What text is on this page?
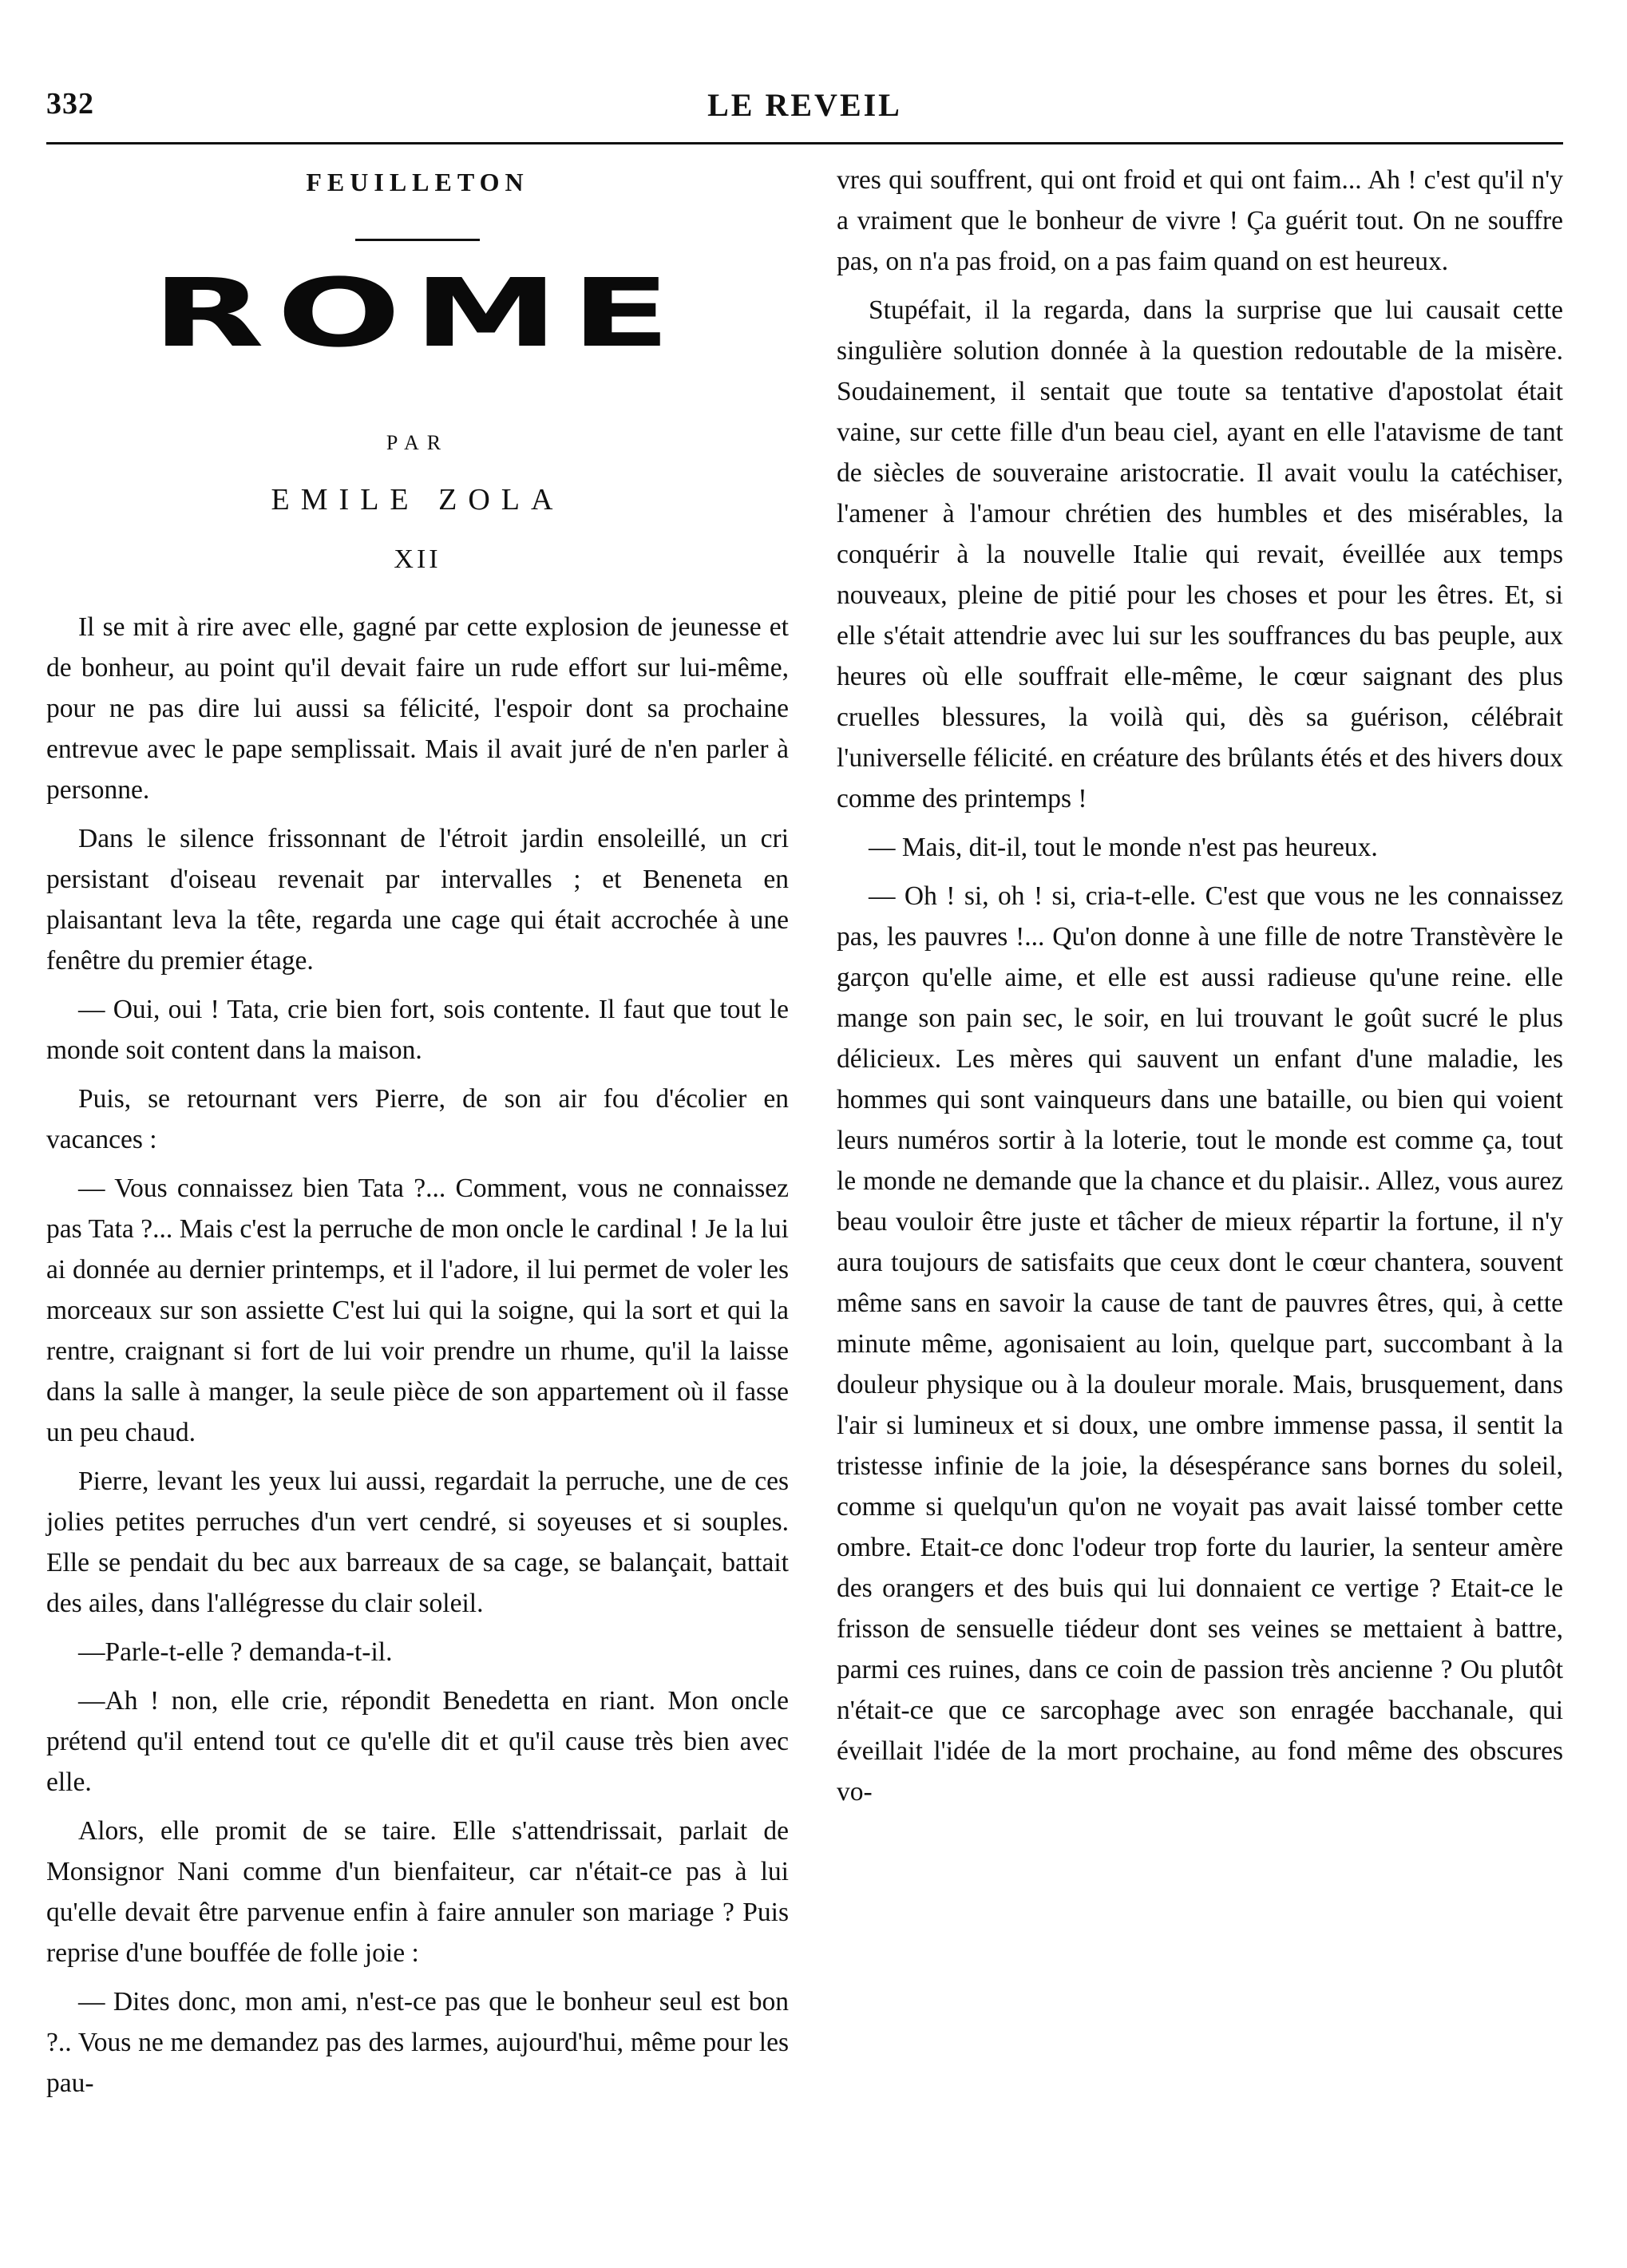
332	LE REVEIL
FEUILLETON
ROME
PAR
EMILE ZOLA
XII

Il se mit à rire avec elle, gagné par cette explosion de jeunesse et de bonheur, au point qu'il devait faire un rude effort sur lui-même, pour ne pas dire lui aussi sa félicité, l'espoir dont sa prochaine entrevue avec le pape semplissait. Mais il avait juré de n'en parler à personne.

Dans le silence frissonnant de l'étroit jardin ensoleillé, un cri persistant d'oiseau revenait par intervalles ; et Beneneta en plaisantant leva la tête, regarda une cage qui était accrochée à une fenêtre du premier étage.

— Oui, oui ! Tata, crie bien fort, sois contente. Il faut que tout le monde soit content dans la maison.

Puis, se retournant vers Pierre, de son air fou d'écolier en vacances :

— Vous connaissez bien Tata ?... Comment, vous ne connaissez pas Tata ?... Mais c'est la perruche de mon oncle le cardinal ! Je la lui ai donnée au dernier printemps, et il l'adore, il lui permet de voler les morceaux sur son assiette C'est lui qui la soigne, qui la sort et qui la rentre, craignant si fort de lui voir prendre un rhume, qu'il la laisse dans la salle à manger, la seule pièce de son appartement où il fasse un peu chaud.

Pierre, levant les yeux lui aussi, regardait la perruche, une de ces jolies petites perruches d'un vert cendré, si soyeuses et si souples. Elle se pendait du bec aux barreaux de sa cage, se balançait, battait des ailes, dans l'allégresse du clair soleil.

—Parle-t-elle ? demanda-t-il.

—Ah ! non, elle crie, répondit Benedetta en riant. Mon oncle prétend qu'il entend tout ce qu'elle dit et qu'il cause très bien avec elle.

Alors, elle promit de se taire. Elle s'attendrissait, parlait de Monsignor Nani comme d'un bienfaiteur, car n'était-ce pas à lui qu'elle devait être parvenue enfin à faire annuler son mariage ? Puis reprise d'une bouffée de folle joie :

— Dites donc, mon ami, n'est-ce pas que le bonheur seul est bon ?.. Vous ne me demandez pas des larmes, aujourd'hui, même pour les pau-

vres qui souffrent, qui ont froid et qui ont faim... Ah ! c'est qu'il n'y a vraiment que le bonheur de vivre ! Ça guérit tout. On ne souffre pas, on n'a pas froid, on a pas faim quand on est heureux.

Stupéfait, il la regarda, dans la surprise que lui causait cette singulière solution donnée à la question redoutable de la misère. Soudainement, il sentait que toute sa tentative d'apostolat était vaine, sur cette fille d'un beau ciel, ayant en elle l'atavisme de tant de siècles de souveraine aristocratie. Il avait voulu la catéchiser, l'amener à l'amour chrétien des humbles et des misérables, la conquérir à la nouvelle Italie qui revait, éveillée aux temps nouveaux, pleine de pitié pour les choses et pour les êtres. Et, si elle s'était attendrie avec lui sur les souffrances du bas peuple, aux heures où elle souffrait elle-même, le cœur saignant des plus cruelles blessures, la voilà qui, dès sa guérison, célébrait l'universelle félicité. en créature des brûlants étés et des hivers doux comme des printemps !

— Mais, dit-il, tout le monde n'est pas heureux.

— Oh ! si, oh ! si, cria-t-elle. C'est que vous ne les connaissez pas, les pauvres !... Qu'on donne à une fille de notre Transtèvère le garçon qu'elle aime, et elle est aussi radieuse qu'une reine. elle mange son pain sec, le soir, en lui trouvant le goût sucré le plus délicieux. Les mères qui sauvent un enfant d'une maladie, les hommes qui sont vainqueurs dans une bataille, ou bien qui voient leurs numéros sortir à la loterie, tout le monde est comme ça, tout le monde ne demande que la chance et du plaisir.. Allez, vous aurez beau vouloir être juste et tâcher de mieux répartir la fortune, il n'y aura toujours de satisfaits que ceux dont le cœur chantera, souvent même sans en savoir la cause de tant de pauvres êtres, qui, à cette minute même, agonisaient au loin, quelque part, succombant à la douleur physique ou à la douleur morale. Mais, brusquement, dans l'air si lumineux et si doux, une ombre immense passa, il sentit la tristesse infinie de la joie, la désespérance sans bornes du soleil, comme si quelqu'un qu'on ne voyait pas avait laissé tomber cette ombre. Etait-ce donc l'odeur trop forte du laurier, la senteur amère des orangers et des buis qui lui donnaient ce vertige ? Etait-ce le frisson de sensuelle tiédeur dont ses veines se mettaient à battre, parmi ces ruines, dans ce coin de passion très ancienne ? Ou plutôt n'était-ce que ce sarcophage avec son enragée bacchanale, qui éveillait l'idée de la mort prochaine, au fond même des obscures vo-
